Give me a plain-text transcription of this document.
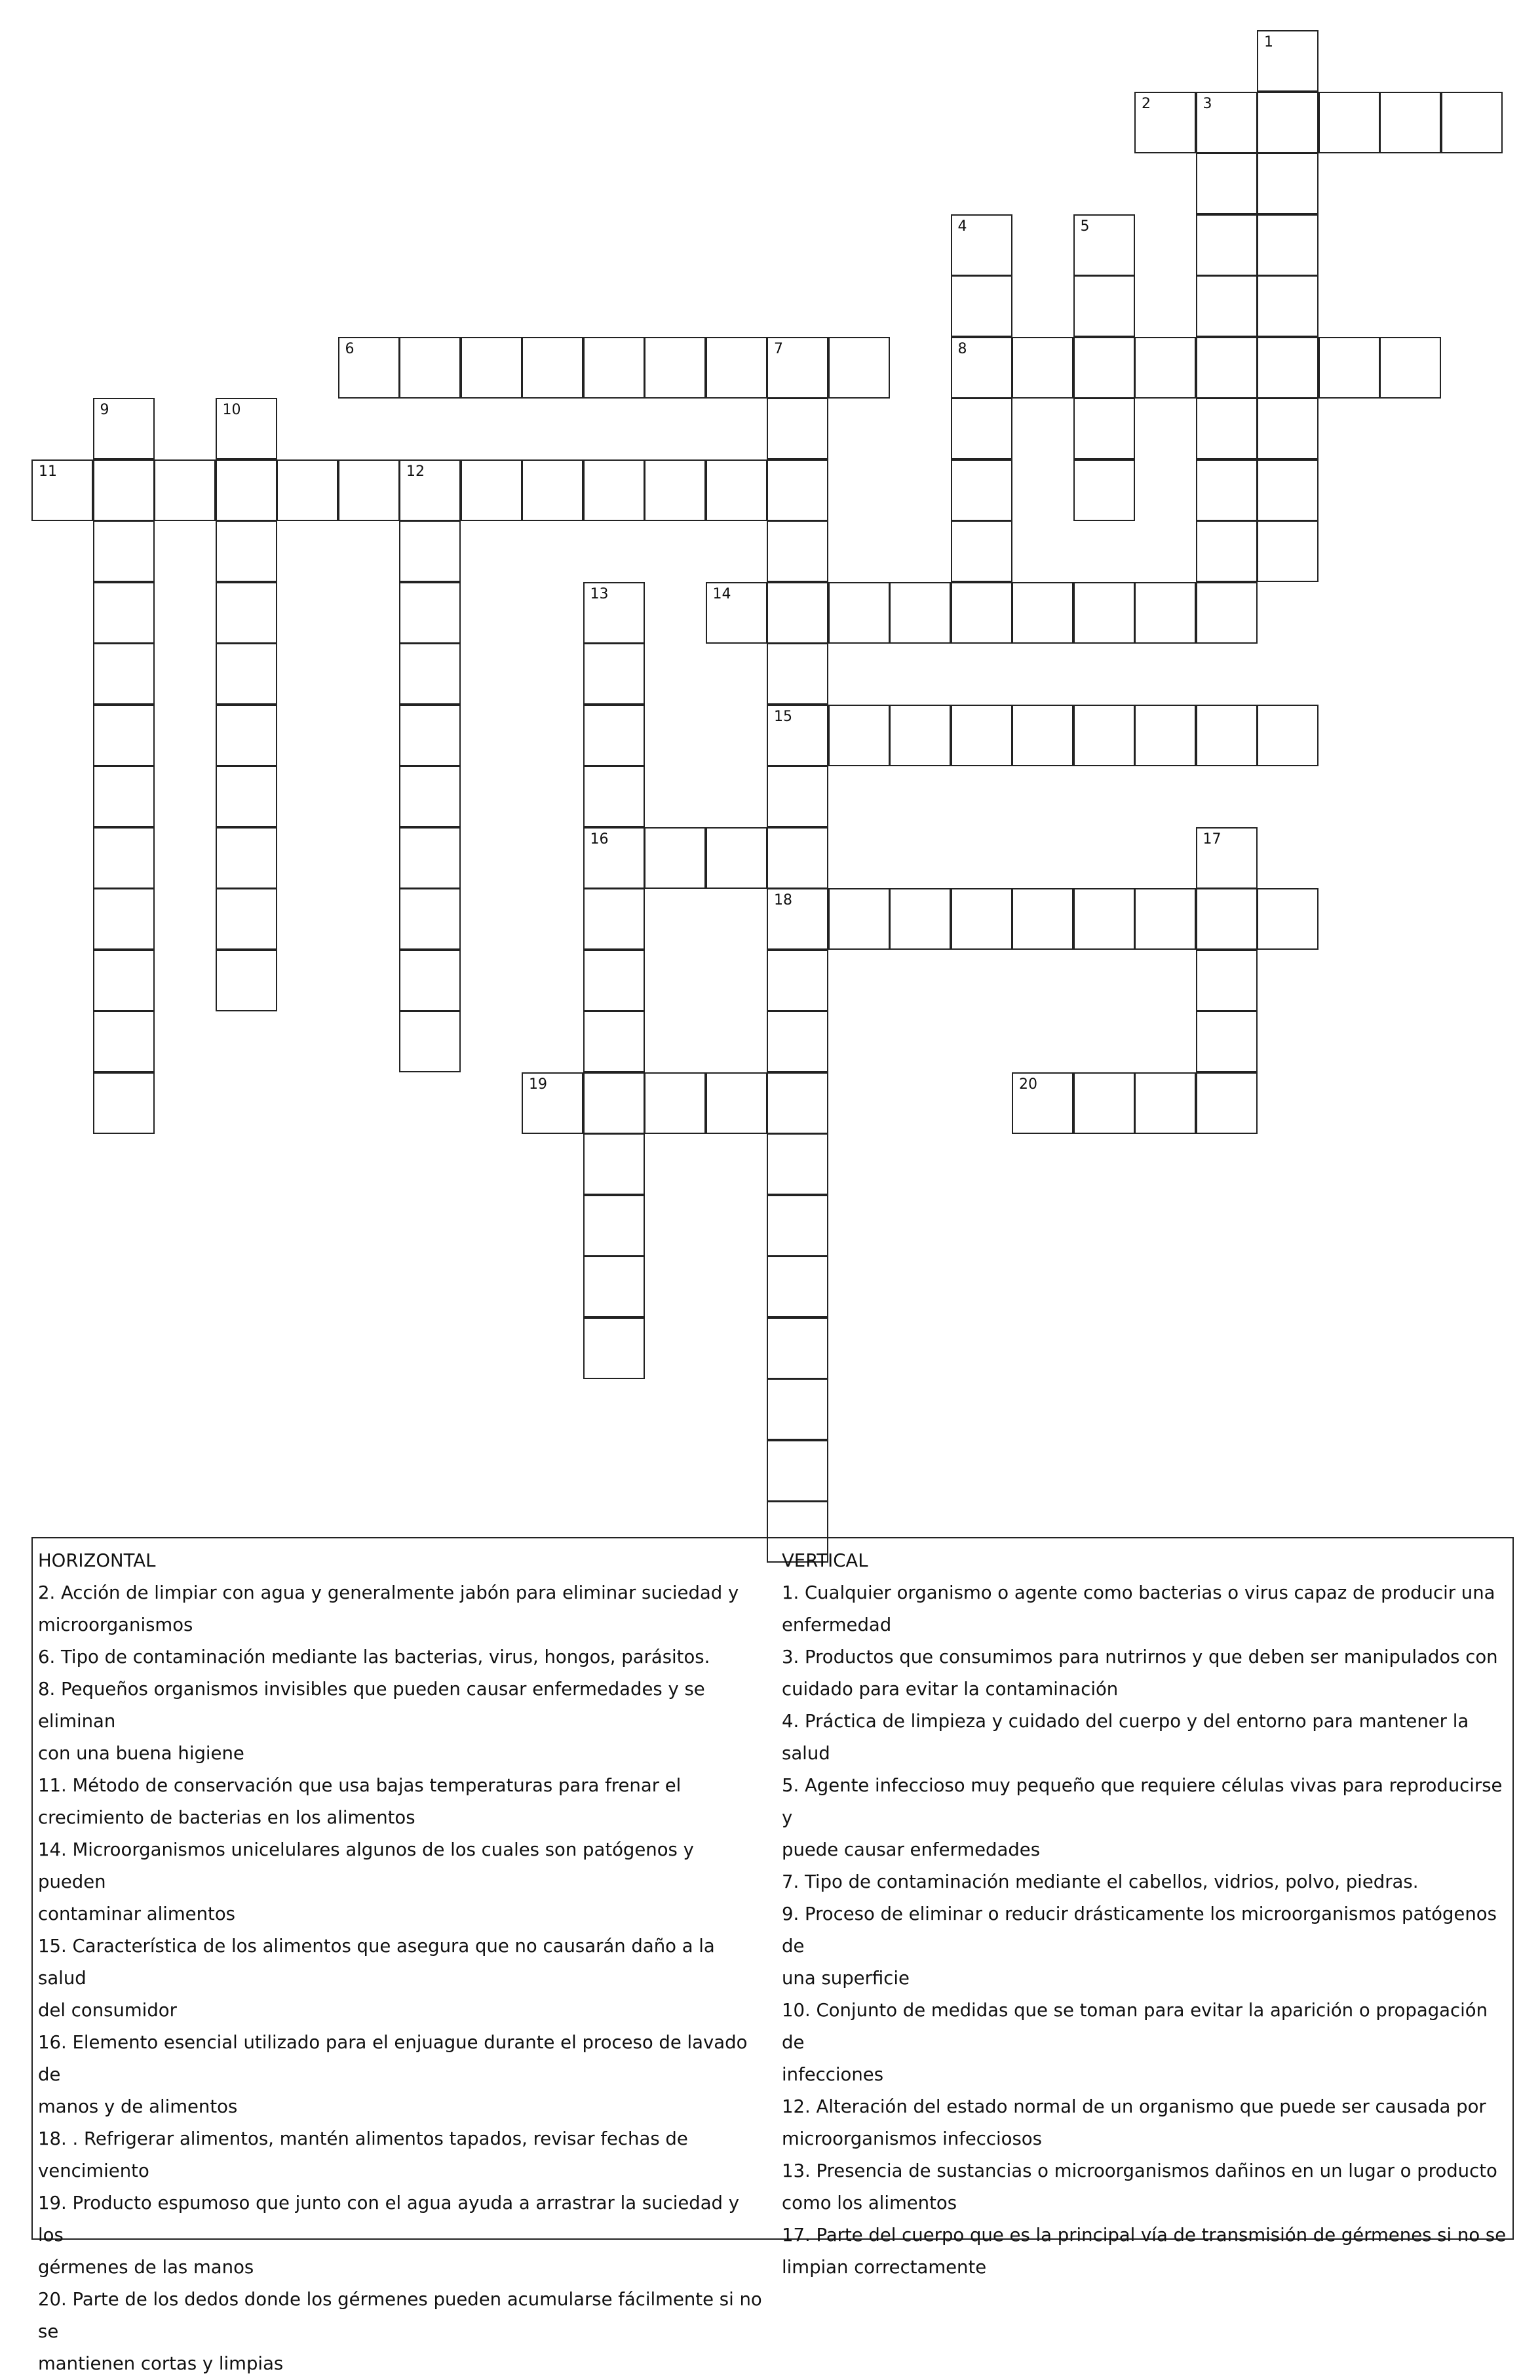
1
2	3
4
8
5
6	7
15
18
9	10
11	12
13
16
14
17
19	20

HORIZONTAL

2. Acción de limpiar con agua y generalmente jabón para eliminar suciedad y

microorganismos

6. Tipo de contaminación mediante las bacterias, virus, hongos, parásitos.

8. Pequeños organismos invisibles que pueden causar enfermedades y se eliminan

con una buena higiene

11. Método de conservación que usa bajas temperaturas para frenar el

crecimiento de bacterias en los alimentos

14. Microorganismos unicelulares algunos de los cuales son patógenos y pueden

contaminar alimentos

15. Característica de los alimentos que asegura que no causarán daño a la salud

del consumidor

16. Elemento esencial utilizado para el enjuague durante el proceso de lavado de

manos y de alimentos

18. . Refrigerar alimentos, mantén alimentos tapados, revisar fechas de

vencimiento

19. Producto espumoso que junto con el agua ayuda a arrastrar la suciedad y los

gérmenes de las manos

20. Parte de los dedos donde los gérmenes pueden acumularse fácilmente si no se

mantienen cortas y limpias

VERTICAL

1. Cualquier organismo o agente como bacterias o virus capaz de producir una

enfermedad

3. Productos que consumimos para nutrirnos y que deben ser manipulados con

cuidado para evitar la contaminación

4. Práctica de limpieza y cuidado del cuerpo y del entorno para mantener la salud

5. Agente infeccioso muy pequeño que requiere células vivas para reproducirse y

puede causar enfermedades

7. Tipo de contaminación mediante el cabellos, vidrios, polvo, piedras.

9. Proceso de eliminar o reducir drásticamente los microorganismos patógenos de

una superficie

10. Conjunto de medidas que se toman para evitar la aparición o propagación de

infecciones

12. Alteración del estado normal de un organismo que puede ser causada por

microorganismos infecciosos

13. Presencia de sustancias o microorganismos dañinos en un lugar o producto

como los alimentos

17. Parte del cuerpo que es la principal vía de transmisión de gérmenes si no se

limpian correctamente
